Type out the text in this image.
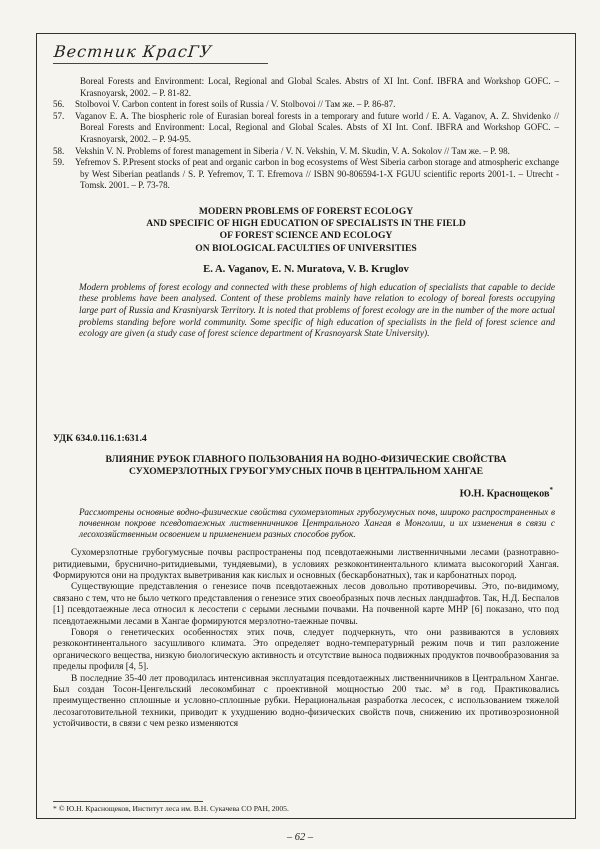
Вестник КрасГУ
Boreal Forests and Environment: Local, Regional and Global Scales. Abstrs of XI Int. Conf. IBFRA and Workshop GOFC. –Krasnoyarsk, 2002. – P. 81-82.
56. Stolbovoi V. Carbon content in forest soils of Russia / V. Stolbovoi // Там же. – P. 86-87.
57. Vaganov E. A. The biospheric role of Eurasian boreal forests in a temporary and future world / E. A. Vaganov, A. Z. Shvidenko // Boreal Forests and Environment: Local, Regional and Global Scales. Absts of XI Int. Conf. IBFRA and Workshop GOFC. – Krasnoyarsk, 2002. – P. 94-95.
58. Vekshin V. N. Problems of forest management in Siberia / V. N. Vekshin, V. M. Skudin, V. A. Sokolov // Там же. – P. 98.
59. Yefremov S. P.Present stocks of peat and organic carbon in bog ecosystems of West Siberia carbon storage and atmospheric exchange by West Siberian peatlands / S. P. Yefremov, T. T. Efremova // ISBN 90-806594-1-X FGUU scientific reports 2001-1. – Utrecht -Tomsk. 2001. – P. 73-78.
MODERN PROBLEMS OF FORERST ECOLOGY
AND SPECIFIC OF HIGH EDUCATION OF SPECIALISTS IN THE FIELD
OF FOREST SCIENCE AND ECOLOGY
ON BIOLOGICAL FACULTIES OF UNIVERSITIES
E. A. Vaganov, E. N. Muratova, V. B. Kruglov
Modern problems of forest ecology and connected with these problems of high education of specialists that capable to decide these problems have been analysed. Content of these problems mainly have relation to ecology of boreal forests occupying large part of Russia and Krasniyarsk Territory. It is noted that problems of forest ecology are in the number of the more actual problems standing before world community. Some specific of high education of specialists in the field of forest science and ecology are given (a study case of forest science department of Krasnoyarsk State University).
УДК 634.0.116.1:631.4
ВЛИЯНИЕ РУБОК ГЛАВНОГО ПОЛЬЗОВАНИЯ НА ВОДНО-ФИЗИЧЕСКИЕ СВОЙСТВА СУХОМЕРЗЛОТНЫХ ГРУБОГУМУСНЫХ ПОЧВ В ЦЕНТРАЛЬНОМ ХАНГАЕ
Ю.Н. Краснощеков*
Рассмотрены основные водно-физические свойства сухомерзлотных грубогумусных почв, широко распространенных в почвенном покрове псевдотаежных лиственничников Центрального Хангая в Монголии, и их изменения в связи с лесохозяйственным освоением и применением разных способов рубок.

Сухомерзлотные грубогумусные почвы распространены под псевдотаежными лиственничными лесами (разнотравно-ритидиевыми, бруснично-ритидиевыми, тундяевыми), в условиях резкоконтинентального климата высокогорий Хангая. Формируются они на продуктах выветривания как кислых и основных (бескарбонатных), так и карбонатных пород.

Существующие представления о генезисе почв псевдотаежных лесов довольно противоречивы. Это, по-видимому, связано с тем, что не было четкого представления о генезисе этих своеобразных почв лесных ландшафтов. Так, Н.Д. Беспалов [1] псевдотаежные леса относил к лесостепи с серыми лесными почвами. На почвенной карте МНР [6] показано, что под псевдотаежными лесами в Хангае формируются мерзлотно-таежные почвы.

Говоря о генетических особенностях этих почв, следует подчеркнуть, что они развиваются в условиях резкоконтинентального засушливого климата. Это определяет водно-температурный режим почв и тип разложение органического вещества, низкую биологическую активность и отсутствие выноса подвижных продуктов почвообразования за пределы профиля [4, 5].

В последние 35-40 лет проводилась интенсивная эксплуатация псевдотаежных лиственничников в Центральном Хангае. Был создан Тосон-Ценгельский лесокомбинат с проективной мощностью 200 тыс. м³ в год. Практиковались преимущественно сплошные и условно-сплошные рубки. Нерациональная разработка лесосек, с использованием тяжелой лесозаготовительной техники, приводит к ухудшению водно-физических свойств почв, снижению их противоэрозионной устойчивости, в связи с чем резко изменяются

* © Ю.Н. Краснощеков, Институт леса им. В.Н. Сукачева СО РАН, 2005.
– 62 –
